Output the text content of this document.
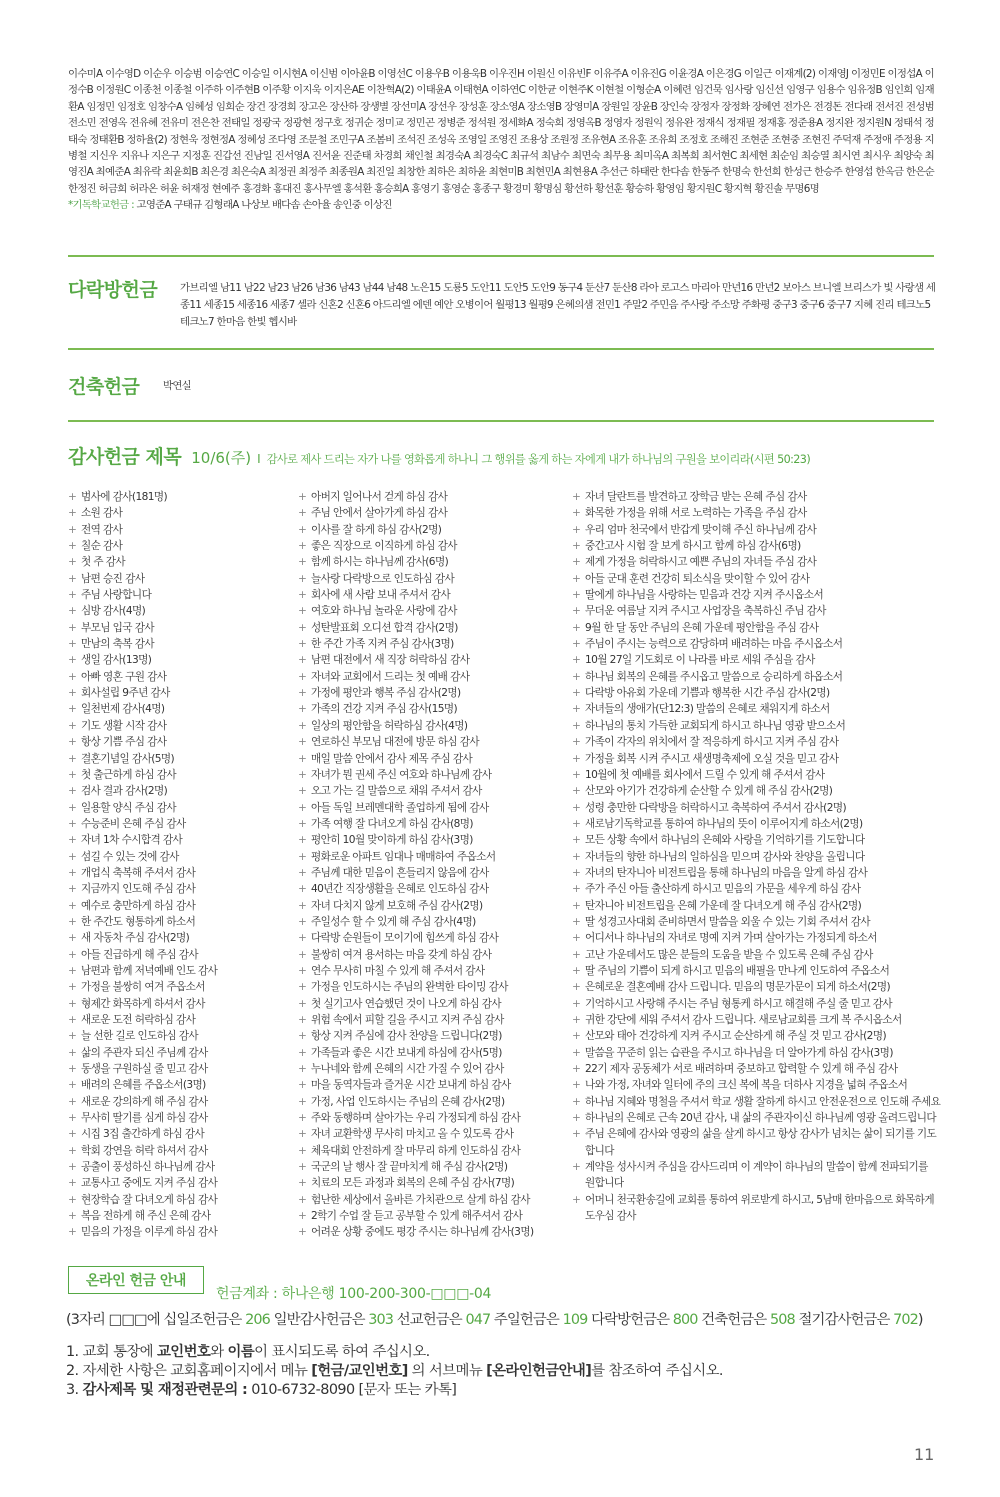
이수미A 이수영D 이순우 이승범 이승연C 이승일 이시현A 이신범 이아윤B 이영선C 이용우B 이용욱B 이우진H 이원신 이유빈F 이유주A 이유진G 이윤경A 이은경G 이일근 이재계(2) 이재영J 이정민E 이정섭A 이정수B 이정원C 이종천 이종철 이주하 이주현B 이주황 이지욱 이지은AE 이찬혁A(2) 이태윤A 이태현A 이하연C 이한균 이현주K 이현철 이형순A 이혜련 임건묵 임사랑 임신선 임영구 임용수 임유정B 임인희 임재환A 임정민 임정호 임창수A 임혜성 임희순 장건 장경희 장고은 장산하 장생별 장선미A 장선우 장성훈 장소영A 장소영B 장영미A 장원일 장윤B 장인숙 장정자 장정화 장혜연 전가은 전경돈 전다래 전서진 전성범 전소민 전영옥 전유혜 전유미 전은찬 전태일 정광국 정광현 정구호 정귀순 정미교 정민곤 정병준 정석원 정세화A 정숙희 정영옥B 정영자 정원익 정유완 정재식 정재필 정재홍 정준용A 정지완 정지원N 정태석 정태숙 정태환B 정하율(2) 정현욱 정현정A 정혜성 조다영 조문철 조민구A 조봄비 조석진 조성옥 조영일 조영진 조용상 조원정 조유현A 조유훈 조유희 조정호 조해진 조현준 조현중 조현진 주덕재 주정애 주정용 지병철 지신우 지유나 지은구 지정훈 진갑선 진남일 진서영A 진서윤 진준태 차경희 채인철 최경숙A 최경숙C 최규석 최남수 최면숙 최무용 최미옥A 최복희 최서현C 최세현 최순임 최승열 최시연 최시우 최양숙 최영진A 최예준A 최유락 최윤희B 최은경 최은숙A 최정권 최정주 최종원A 최진일 최창한 최하은 최하윤 최현미B 최현민A 최현용A 추선근 하태란 한다솜 한동주 한명숙 한선희 한성근 한승주 한영섭 한옥금 한은순 한정진 허금희 허라온 허윤 허재정 현예주 홍경화 홍대진 홍사무엘 홍석환 홍승희A 홍영기 홍영순 홍종구 황경미 황명심 황선하 황선훈 황승하 황영임 황지원C 황지혁 황진솔 무명6명
*기독학교헌금 : 고영준A 구태규 김형래A 나상보 배다솜 손아율 송인중 이상진
다락방헌금 가브리엘 남11 남22 남23 남26 남36 남43 남44 남48 노은15 도룡5 도안11 도안5 도안9 동구4 둔산7 둔산8 라아 로고스 마리아 만년16 만년2 보아스 브니엘 브리스가 빛 사랑샘 세종11 세종15 세종16 세종7 셀라 신혼2 신혼6 아드리엘 에덴 예안 오병이어 월평13 월평9 은혜의샘 전민1 주말2 주민음 주사랑 주소망 주화평 중구3 중구6 중구7 지혜 진리 테크노5 테크노7 한마음 한빛 헵시바
건축헌금 박연실
감사헌금 제목 10/6(주) I 감사로 제사 드리는 자가 나를 영화롭게 하나니 그 행위를 옳게 하는 자에게 내가 하나님의 구원을 보이리라(시편 50:23)
+ 범사에 감사(181명)
+ 소원 감사
+ 전역 감사
+ 칠순 감사
+ 첫 주 감사
+ 남편 승진 감사
+ 주님 사랑합니다
+ 심방 감사(4명)
+ 부모님 입국 감사
+ 만남의 축복 감사
+ 생일 감사(13명)
+ 아빠 영혼 구원 감사
+ 회사설립 9주년 감사
+ 일천번제 감사(4명)
+ 기도 생활 시작 감사
+ 항상 기쁨 주심 감사
+ 결혼기념일 감사(5명)
+ 첫 출근하게 하심 감사
+ 검사 결과 감사(2명)
+ 일용할 양식 주심 감사
+ 수능준비 은혜 주심 감사
+ 자녀 1차 수시합격 감사
+ 섬길 수 있는 것에 감사
+ 개업식 축복해 주셔서 감사
+ 지금까지 인도해 주심 감사
+ 예수로 충만하게 하심 감사
+ 한 주간도 형통하게 하소서
+ 새 자동차 주심 감사(2명)
+ 아들 진급하게 해 주심 감사
+ 남편과 함께 저녁예배 인도 감사
+ 가정을 불쌍히 여겨 주옵소서
+ 형제간 화목하게 하셔서 감사
+ 새로운 도전 허락하심 감사
+ 늘 선한 길로 인도하심 감사
+ 삶의 주관자 되신 주님께 감사
+ 동생을 구원하실 줄 믿고 감사
+ 배려의 은혜를 주옵소서(3명)
+ 새로운 강의하게 해 주심 감사
+ 무사히 딸기를 심게 하심 감사
+ 시집 3집 출간하게 하심 감사
+ 학회 강연을 허락 하셔서 감사
+ 공출이 풍성하신 하나님께 감사
+ 교통사고 중에도 지켜 주심 감사
+ 현장학습 잘 다녀오게 하심 감사
+ 복음 전하게 해 주신 은혜 감사
+ 믿음의 가정을 이루게 하심 감사
+ 아버지 일어나서 걷게 하심 감사
+ 주님 안에서 살아가게 하심 감사
+ 이사를 잘 하게 하심 감사(2명)
+ 좋은 직장으로 이직하게 하심 감사
+ 함께 하시는 하나님께 감사(6명)
+ 늘사랑 다락방으로 인도하심 감사
+ 회사에 새 사람 보내 주셔서 감사
+ 여호와 하나님 놀라운 사랑에 감사
+ 성탄발표회 오디션 합격 감사(2명)
+ 한 주간 가족 지켜 주심 감사(3명)
+ 남편 대전에서 새 직장 허락하심 감사
+ 자녀와 교회에서 드리는 첫 예배 감사
+ 가정에 평안과 행복 주심 감사(2명)
+ 가족의 건강 지켜 주심 감사(15명)
+ 일상의 평안함을 허락하심 감사(4명)
+ 연로하신 부모님 대전에 방문 하심 감사
+ 매일 말씀 안에서 감사 제목 주심 감사
+ 자녀가 뭔 권세 주신 여호와 하나님께 감사
+ 오고 가는 길 말씀으로 채워 주셔서 감사
+ 아들 독일 브레멘대학 졸업하게 됨에 감사
+ 가족 여행 잘 다녀오게 하심 감사(8명)
+ 평안히 10월 맞이하게 하심 감사(3명)
+ 평화로운 아파트 임대나 매매하여 주옵소서
+ 주님께 대한 믿음이 흔들리지 않음에 감사
+ 40년간 직장생활을 은혜로 인도하심 감사
+ 자녀 다치지 않게 보호해 주심 감사(2명)
+ 주일성수 할 수 있게 해 주심 감사(4명)
+ 다락방 순원들이 모이기에 힘쓰게 하심 감사
+ 불쌍히 여겨 용서하는 마음 갖게 하심 감사
+ 연수 무사히 마칠 수 있게 해 주셔서 감사
+ 가정을 인도하시는 주님의 완벽한 타이밍 감사
+ 첫 실기고사 연습했던 것이 나오게 하심 감사
+ 위험 속에서 피할 길을 주시고 지켜 주심 감사
+ 항상 지켜 주심에 감사 찬양을 드립니다(2명)
+ 가족들과 좋은 시간 보내게 하심에 감사(5명)
+ 누나네와 함께 은혜의 시간 가질 수 있어 감사
+ 마을 동역자들과 즐거운 시간 보내게 하심 감사
+ 가정, 사업 인도하시는 주님의 은혜 감사(2명)
+ 주와 동행하며 살아가는 우리 가정되게 하심 감사
+ 자녀 교환학생 무사히 마치고 올 수 있도록 감사
+ 체육대회 안전하게 잘 마무리 하게 인도하심 감사
+ 국군의 날 행사 잘 끝마치게 해 주심 감사(2명)
+ 치료의 모든 과정과 회복의 은혜 주심 감사(7명)
+ 험난한 세상에서 올바른 가치관으로 살게 하심 감사
+ 2학기 수업 잘 듣고 공부할 수 있게 해주셔서 감사
+ 어려운 상황 중에도 평강 주시는 하나님께 감사(3명)
+ 자녀 달란트를 발견하고 장학금 받는 은혜 주심 감사
+ 화목한 가정을 위해 서로 노력하는 가족을 주심 감사
+ 우리 엄마 천국에서 반갑게 맞이해 주신 하나님께 감사
+ 중간고사 시험 잘 보게 하시고 함께 하심 감사(6명)
+ 제게 가정을 허락하시고 예쁜 주님의 자녀들 주심 감사
+ 아들 군대 훈련 건강히 퇴소식을 맞이할 수 있어 감사
+ 딸에게 하나님을 사랑하는 믿음과 건강 지켜 주시옵소서
+ 무더운 여름날 지켜 주시고 사업장을 축복하신 주님 감사
+ 9월 한 달 동안 주님의 은혜 가운데 평안함을 주심 감사
+ 주님이 주시는 능력으로 감당하며 배려하는 마음 주시옵소서
+ 10월 27일 기도회로 이 나라를 바로 세워 주심을 감사
+ 하나님 회복의 은혜를 주시옵고 말씀으로 승리하게 하옵소서
+ 다락방 아유회 가운데 기쁨과 행복한 시간 주심 감사(2명)
+ 자녀들의 생애가(단12:3) 말씀의 은혜로 채워지게 하소서
+ 하나님의 통치 가득한 교회되게 하시고 하나님 영광 받으소서
+ 가족이 각자의 위치에서 잘 적응하게 하시고 지켜 주심 감사
+ 가정을 회복 시켜 주시고 새생명축제에 오실 것을 믿고 감사
+ 10월에 첫 예배를 회사에서 드릴 수 있게 해 주셔서 감사
+ 산모와 아기가 건강하게 순산할 수 있게 해 주심 감사(2명)
+ 성령 충만한 다락방을 허락하시고 축복하여 주셔서 감사(2명)
+ 새로남기독학교를 통하여 하나님의 뜻이 이루어지게 하소서(2명)
+ 모든 상황 속에서 하나님의 은혜와 사랑을 기억하기를 기도합니다
+ 자녀들의 향한 하나님의 일하심을 믿으며 감사와 찬양을 올립니다
+ 자녀의 탄자니아 비전트립을 통해 하나님의 마음을 알게 하심 감사
+ 주가 주신 아들 출산하게 하시고 믿음의 가문을 세우게 하심 감사
+ 탄자니아 비전트립을 은혜 가운데 잘 다녀오게 해 주심 감사(2명)
+ 딸 성경고사대회 준비하면서 말씀을 외울 수 있는 기회 주셔서 감사
+ 어디서나 하나님의 자녀로 명예 지켜 가며 살아가는 가정되게 하소서
+ 고난 가운데서도 많은 분들의 도움을 받을 수 있도록 은혜 주심 감사
+ 딸 주님의 기쁨이 되게 하시고 믿음의 배필을 만나게 인도하여 주옵소서
+ 은혜로운 결혼예배 감사 드립니다. 믿음의 명문가문이 되게 하소서(2명)
+ 기억하시고 사랑해 주시는 주님 형통케 하시고 해결해 주실 줄 믿고 감사
+ 귀한 강단에 세워 주셔서 감사 드립니다. 새로남교회를 크게 복 주시옵소서
+ 산모와 태아 건강하게 지켜 주시고 순산하게 해 주실 것 믿고 감사(2명)
+ 말씀을 꾸준히 읽는 습관을 주시고 하나님을 더 알아가게 하심 감사(3명)
+ 22기 제자 공동체가 서로 배려하며 중보하고 합력할 수 있게 해 주심 감사
+ 나와 가정, 자녀와 일터에 주의 크신 복에 복을 더하사 지경을 넓혀 주옵소서
+ 하나님 지혜와 명철을 주셔서 학교 생활 잘하게 하시고 안전운전으로 인도해 주세요
+ 하나님의 은혜로 근속 20년 감사, 내 삶의 주관자이신 하나님께 영광 올려드립니다
+ 주님 은혜에 감사와 영광의 삶을 살게 하시고 항상 감사가 넘치는 삶이 되기를 기도합니다
+ 계약을 성사시켜 주심을 감사드리며 이 계약이 하나님의 말씀이 함께 전파되기를 원합니다
+ 어머니 천국환송길에 교회를 통하여 위로받게 하시고, 5남매 한마음으로 화목하게 도우심 감사
온라인 헌금 안내
헌금계좌 : 하나은행 100-200-300-□□□-04
(3자리 □□□에 십일조헌금은 206 일반감사헌금은 303 선교헌금은 047 주일헌금은 109 다락방헌금은 800 건축헌금은 508 절기감사헌금은 702)
1. 교회 통장에 교인번호와 이름이 표시되도록 하여 주십시오.
2. 자세한 사항은 교회홈페이지에서 메뉴 [헌금/교인번호] 의 서브메뉴 [온라인헌금안내]를 참조하여 주십시오.
3. 감사제목 및 재정관련문의 : 010-6732-8090 [문자 또는 카톡]
11
